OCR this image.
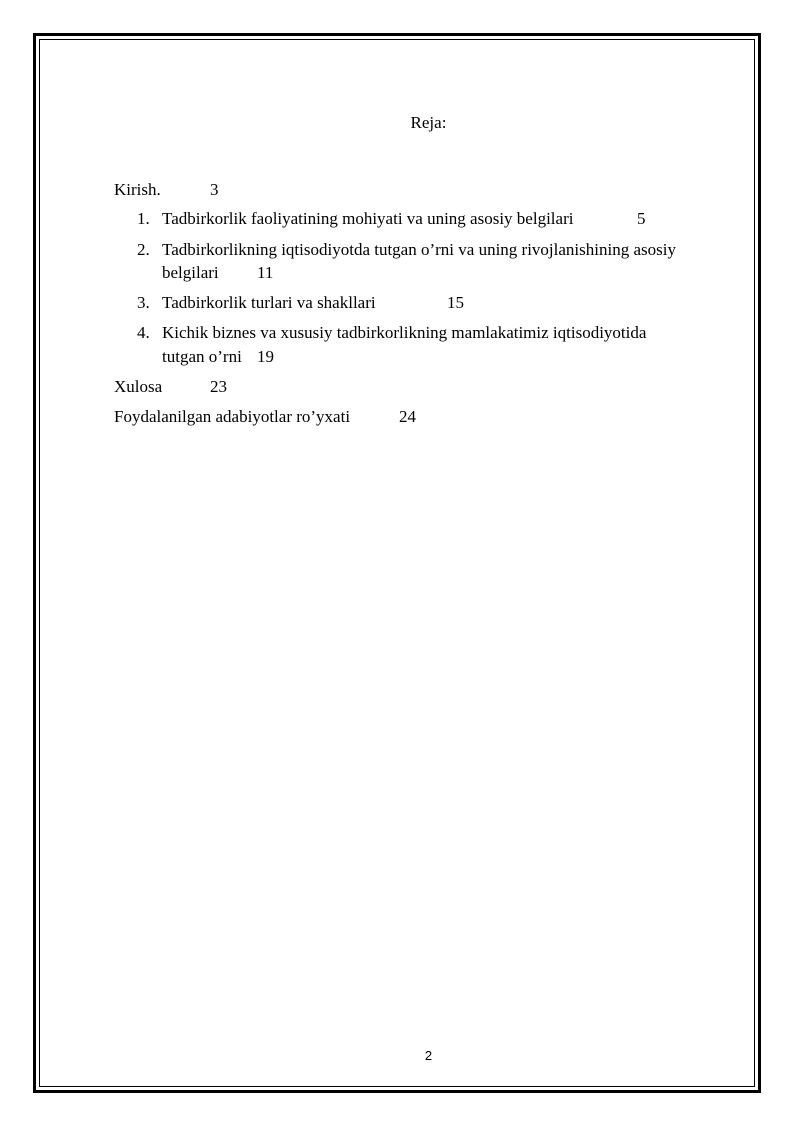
Reja:
Kirish.	3
1. Tadbirkorlik faoliyatining mohiyati va uning asosiy belgilari	5
2. Tadbirkorlikning iqtisodiyotda tutgan o’rni va uning rivojlanishining asosiy
belgilari 11
3. Tadbirkorlik turlari va shakllari	15
4. Kichik biznes va xususiy tadbirkorlikning mamlakatimiz iqtisodiyotida
tutgan o’rni 19
Xulosa	23
Foydalanilgan adabiyotlar ro’yxati	24
2
